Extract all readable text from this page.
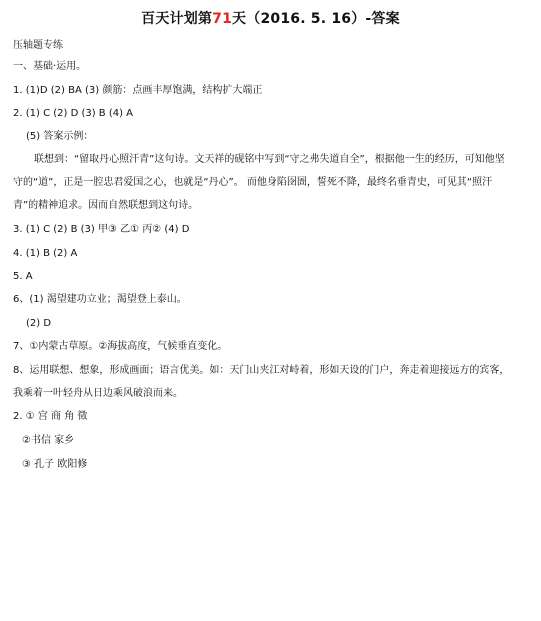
百天计划第71天（2016. 5. 16）-答案
压轴题专练
一、基础·运用。
1. (1)D (2) BA (3) 颜筋：点画丰厚饱满，结构扩大端正
2. (1) C (2) D (3) B (4) A
(5) 答案示例：
联想到：“留取丹心照汗青”这句诗。文天祥的砚铭中写到“守之弗失道自全”，根据他一生的经历，可知他坚
守的“道”，正是一腔忠君爱国之心，也就是“丹心”。 而他身陷囹圄，誓死不降，最终名垂青史，可见其“照汗
青”的精神追求。因而自然联想到这句诗。
3. (1) C (2) B (3) 甲③ 乙① 丙② (4) D
4. (1) B (2) A
5. A
6、(1) 渴望建功立业；渴望登上泰山。
(2) D
7、①内蒙古草原。②海拔高度，气候垂直变化。
8、运用联想、想象，形成画面；语言优美。如：天门山夹江对峙着，形如天设的门户，奔走着迎接远方的宾客，
我乘着一叶轻舟从日边乘风破浪而来。
2. ① 宫 商 角 徵
②书信 家乡
③ 孔子 欧阳修
